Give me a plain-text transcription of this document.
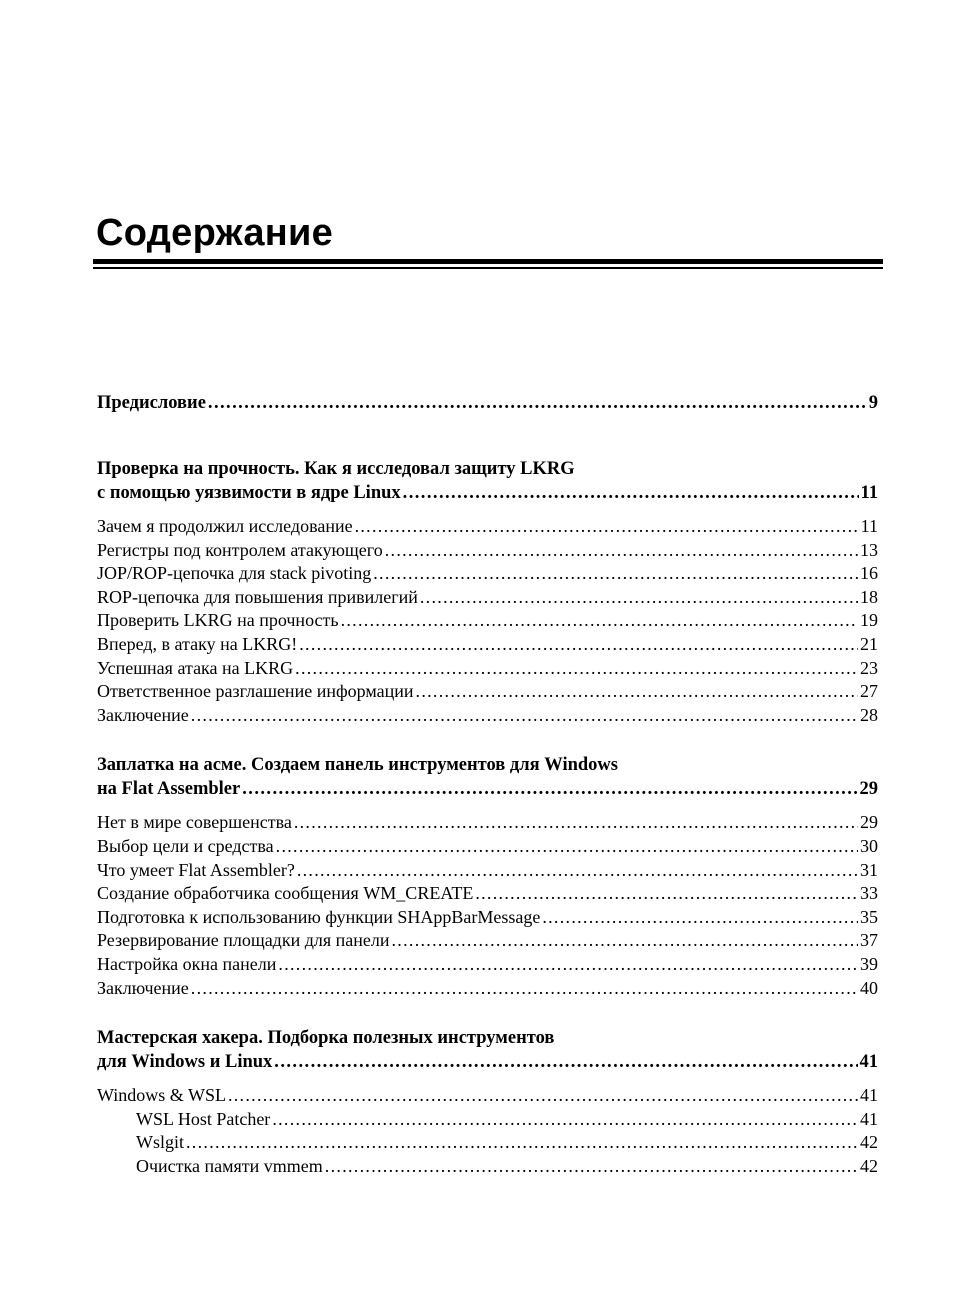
Содержание
Предисловие . . .	9
Проверка на прочность. Как я исследовал защиту LKRG
с помощью уязвимости в ядре Linux . . .	11
Зачем я продолжил исследование . . .	11
Регистры под контролем атакующего . . .	13
JOP/ROP-цепочка для stack pivoting . . .	16
ROP-цепочка для повышения привилегий . . .	18
Проверить LKRG на прочность . . .	19
Вперед, в атаку на LKRG! . . .	21
Успешная атака на LKRG . . .	23
Ответственное разглашение информации . . .	27
Заключение . . .	28
Заплатка на асме. Создаем панель инструментов для Windows
на Flat Assembler . . .	29
Нет в мире совершенства . . .	29
Выбор цели и средства . . .	30
Что умеет Flat Assembler? . . .	31
Создание обработчика сообщения WM_CREATE . . .	33
Подготовка к использованию функции SHAppBarMessage . . .	35
Резервирование площадки для панели . . .	37
Настройка окна панели . . .	39
Заключение . . .	40
Мастерская хакера. Подборка полезных инструментов
для Windows и Linux . . .	41
Windows & WSL . . .	41
WSL Host Patcher . . .	41
Wslgit . . .	42
Очистка памяти vmmem . . .	42
